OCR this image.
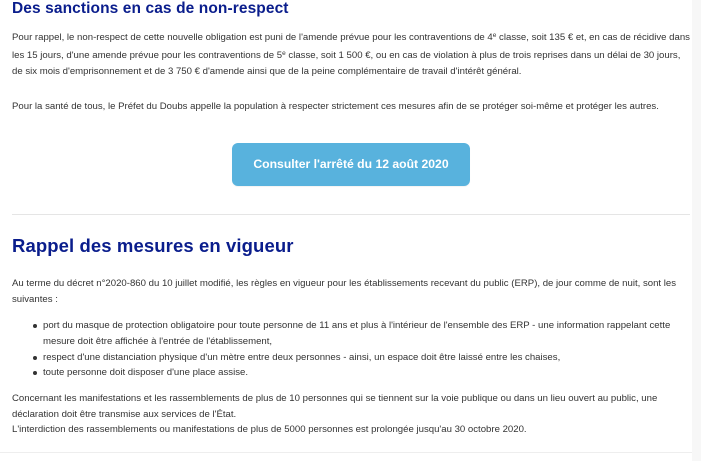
Des sanctions en cas de non-respect

Pour rappel, le non-respect de cette nouvelle obligation est puni de l'amende prévue pour les contraventions de 4e classe, soit 135 € et, en cas de récidive dans les 15 jours, d'une amende prévue pour les contraventions de 5e classe, soit 1 500 €, ou en cas de violation à plus de trois reprises dans un délai de 30 jours, de six mois d'emprisonnement et de 3 750 € d'amende ainsi que de la peine complémentaire de travail d'intérêt général.

Pour la santé de tous, le Préfet du Doubs appelle la population à respecter strictement ces mesures afin de se protéger soi-même et protéger les autres.

Consulter l'arrêté du 12 août 2020
Rappel des mesures en vigueur

Au terme du décret n°2020-860 du 10 juillet modifié, les règles en vigueur pour les établissements recevant du public (ERP), de jour comme de nuit, sont les suivantes :

port du masque de protection obligatoire pour toute personne de 11 ans et plus à l'intérieur de l'ensemble des ERP - une information rappelant cette mesure doit être affichée à l'entrée de l'établissement,
respect d'une distanciation physique d'un mètre entre deux personnes - ainsi, un espace doit être laissé entre les chaises,
toute personne doit disposer d'une place assise.

Concernant les manifestations et les rassemblements de plus de 10 personnes qui se tiennent sur la voie publique ou dans un lieu ouvert au public, une déclaration doit être transmise aux services de l'État.

L'interdiction des rassemblements ou manifestations de plus de 5000 personnes est prolongée jusqu'au 30 octobre 2020.
